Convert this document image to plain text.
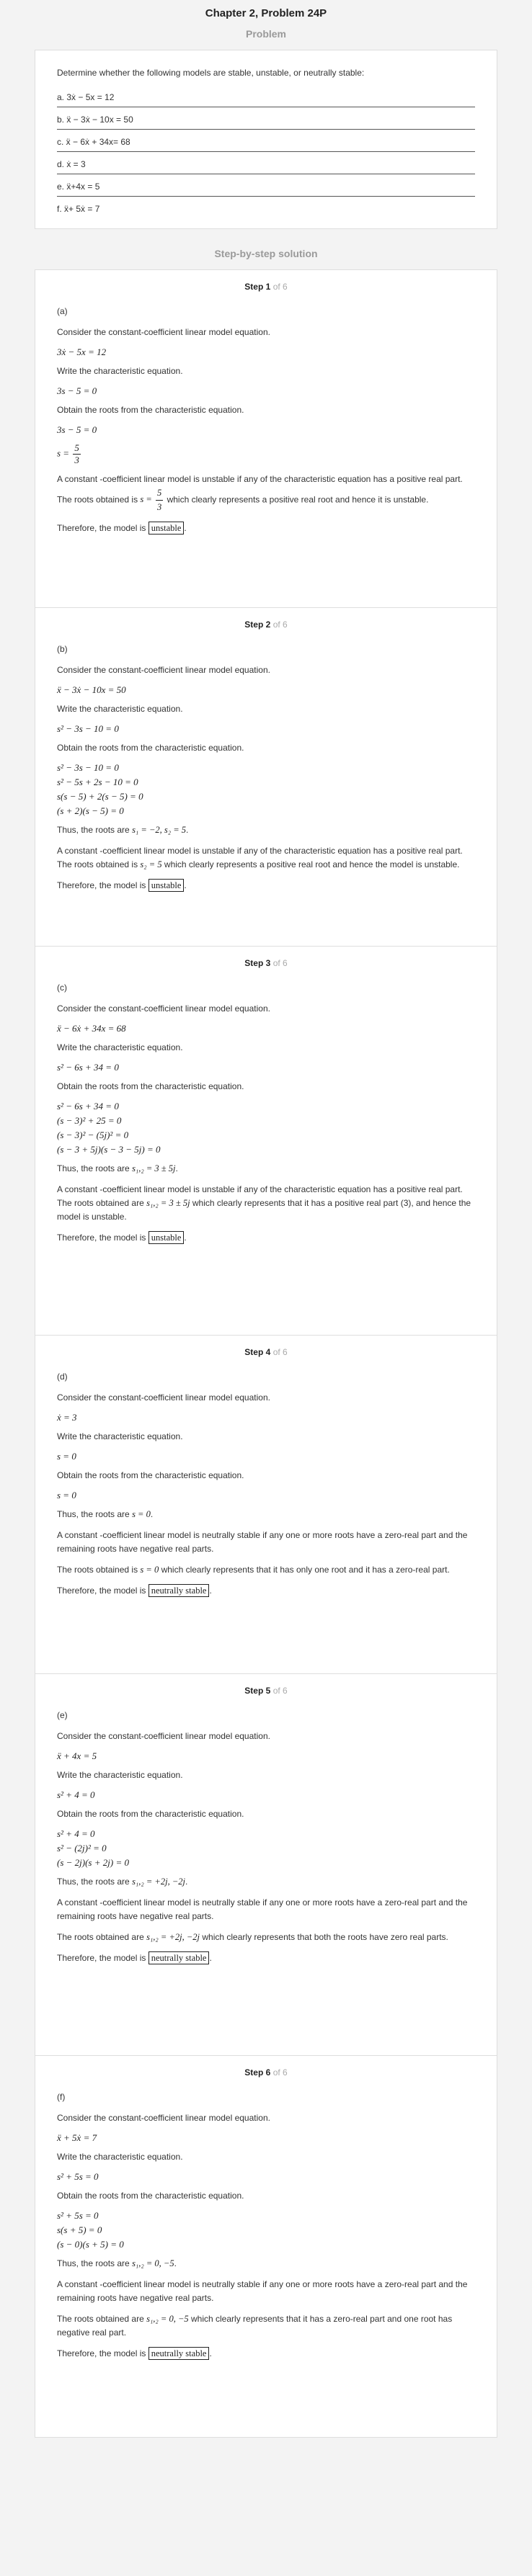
Chapter 2, Problem 24P
Problem

Determine whether the following models are stable, unstable, or neutrally stable:

a. 3ẋ − 5x = 12
b. ẍ − 3ẋ − 10x = 50
c. ẍ − 6ẋ + 34x= 68
d. ẋ = 3
e. ẍ+4x = 5
f. ẍ+ 5ẋ = 7
Step-by-step solution
Step 1 of 6

(a)

Consider the constant-coefficient linear model equation.

3ẋ − 5x = 12

Write the characteristic equation.

3s − 5 = 0

Obtain the roots from the characteristic equation.

3s − 5 = 0
$s = \frac{5}{3}$

A constant -coefficient linear model is unstable if any of the characteristic equation has a positive real part. The roots obtained is $s = \frac{5}{3}$ which clearly represents a positive real root and hence it is unstable.

Therefore, the model is unstable .

Step 2 of 6

(b)

Consider the constant-coefficient linear model equation.

ẍ − 3ẋ − 10x = 50

Write the characteristic equation.

s² − 3s − 10 = 0

Obtain the roots from the characteristic equation.

s² − 3s − 10 = 0
s² − 5s + 2s − 10 = 0
s(s − 5) + 2(s − 5) = 0
(s + 2)(s − 5) = 0

Thus, the roots are s₁ = −2, s₂ = 5.

A constant -coefficient linear model is unstable if any of the characteristic equation has a positive real part. The roots obtained is s₂ = 5 which clearly represents a positive real root and hence the model is unstable.

Therefore, the model is unstable .

Step 3 of 6

(c)

Consider the constant-coefficient linear model equation.

ẍ − 6ẋ + 34x = 68

Write the characteristic equation.

s² − 6s + 34 = 0

Obtain the roots from the characteristic equation.

s² − 6s + 34 = 0
(s − 3)² + 25 = 0
(s − 3)² − (5j)² = 0
(s − 3 + 5j)(s − 3 − 5j) = 0

Thus, the roots are s₁,₂ = 3 ± 5j.

A constant -coefficient linear model is unstable if any of the characteristic equation has a positive real part. The roots obtained are s₁,₂ = 3 ± 5j which clearly represents that it has a positive real part (3), and hence the model is unstable.

Therefore, the model is unstable .

Step 4 of 6

(d)

Consider the constant-coefficient linear model equation.

ẋ = 3

Write the characteristic equation.

s = 0

Obtain the roots from the characteristic equation.

s = 0

Thus, the roots are s = 0.

A constant -coefficient linear model is neutrally stable if any one or more roots have a zero-real part and the remaining roots have negative real parts.

The roots obtained is s = 0 which clearly represents that it has only one root and it has a zero-real part.

Therefore, the model is neutrally stable .

Step 5 of 6

(e)

Consider the constant-coefficient linear model equation.

ẍ + 4x = 5

Write the characteristic equation.

s² + 4 = 0

Obtain the roots from the characteristic equation.

s² + 4 = 0
s² − (2j)² = 0
(s − 2j)(s + 2j) = 0

Thus, the roots are s₁,₂ = +2j, −2j.

A constant -coefficient linear model is neutrally stable if any one or more roots have a zero-real part and the remaining roots have negative real parts.

The roots obtained are s₁,₂ = +2j, −2j which clearly represents that both the roots have zero real parts.

Therefore, the model is neutrally stable .

Step 6 of 6

(f)

Consider the constant-coefficient linear model equation.

ẍ + 5ẋ = 7

Write the characteristic equation.

s² + 5s = 0

Obtain the roots from the characteristic equation.

s² + 5s = 0
s(s + 5) = 0
(s − 0)(s + 5) = 0

Thus, the roots are s₁,₂ = 0, −5.

A constant -coefficient linear model is neutrally stable if any one or more roots have a zero-real part and the remaining roots have negative real parts.

The roots obtained are s₁,₂ = 0, −5 which clearly represents that it has a zero-real part and one root has negative real part.

Therefore, the model is neutrally stable .
